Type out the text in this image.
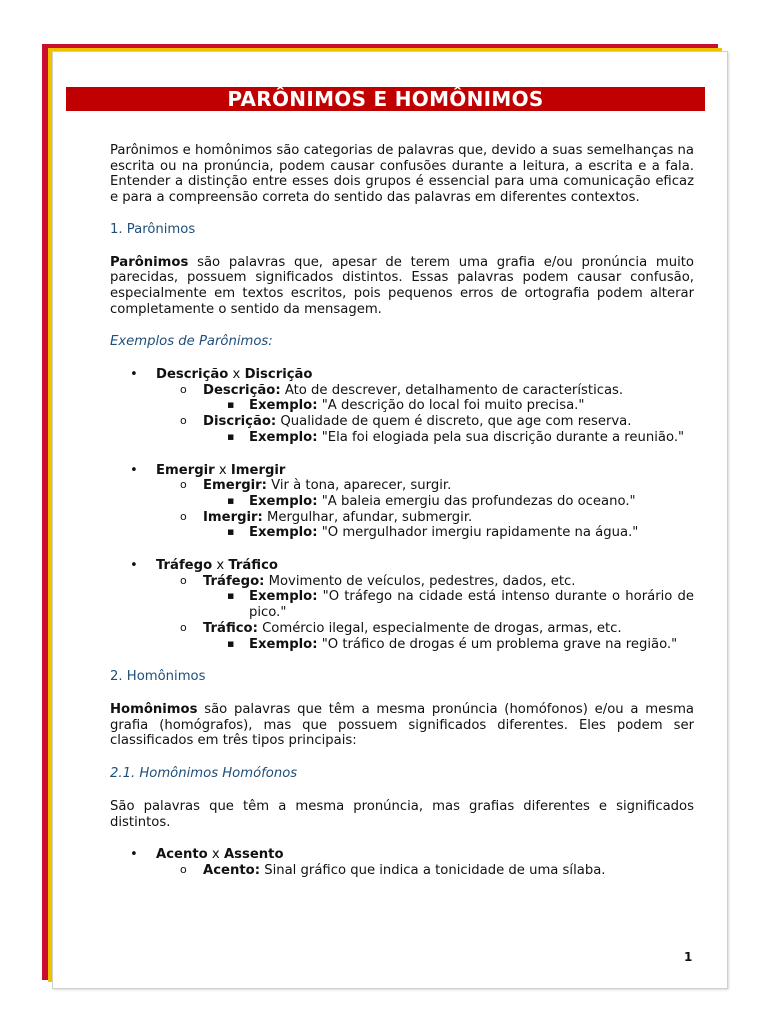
PARÔNIMOS E HOMÔNIMOS

Parônimos e homônimos são categorias de palavras que, devido a suas semelhanças na escrita ou na pronúncia, podem causar confusões durante a leitura, a escrita e a fala. Entender a distinção entre esses dois grupos é essencial para uma comunicação eficaz e para a compreensão correta do sentido das palavras em diferentes contextos.

1. Parônimos

Parônimos são palavras que, apesar de terem uma grafia e/ou pronúncia muito parecidas, possuem significados distintos. Essas palavras podem causar confusão, especialmente em textos escritos, pois pequenos erros de ortografia podem alterar completamente o sentido da mensagem.

Exemplos de Parônimos:

• Descrição x Discrição
o Descrição: Ato de descrever, detalhamento de características.
▪ Exemplo: "A descrição do local foi muito precisa."
o Discrição: Qualidade de quem é discreto, que age com reserva.
▪ Exemplo: "Ela foi elogiada pela sua discrição durante a reunião."
• Emergir x Imergir
o Emergir: Vir à tona, aparecer, surgir.
▪ Exemplo: "A baleia emergiu das profundezas do oceano."
o Imergir: Mergulhar, afundar, submergir.
▪ Exemplo: "O mergulhador imergiu rapidamente na água."
• Tráfego x Tráfico
o Tráfego: Movimento de veículos, pedestres, dados, etc.
▪ Exemplo: "O tráfego na cidade está intenso durante o horário de pico."
o Tráfico: Comércio ilegal, especialmente de drogas, armas, etc.
▪ Exemplo: "O tráfico de drogas é um problema grave na região."

2. Homônimos

Homônimos são palavras que têm a mesma pronúncia (homófonos) e/ou a mesma grafia (homógrafos), mas que possuem significados diferentes. Eles podem ser classificados em três tipos principais:

2.1. Homônimos Homófonos

São palavras que têm a mesma pronúncia, mas grafias diferentes e significados distintos.

• Acento x Assento
o Acento: Sinal gráfico que indica a tonicidade de uma sílaba.
1
